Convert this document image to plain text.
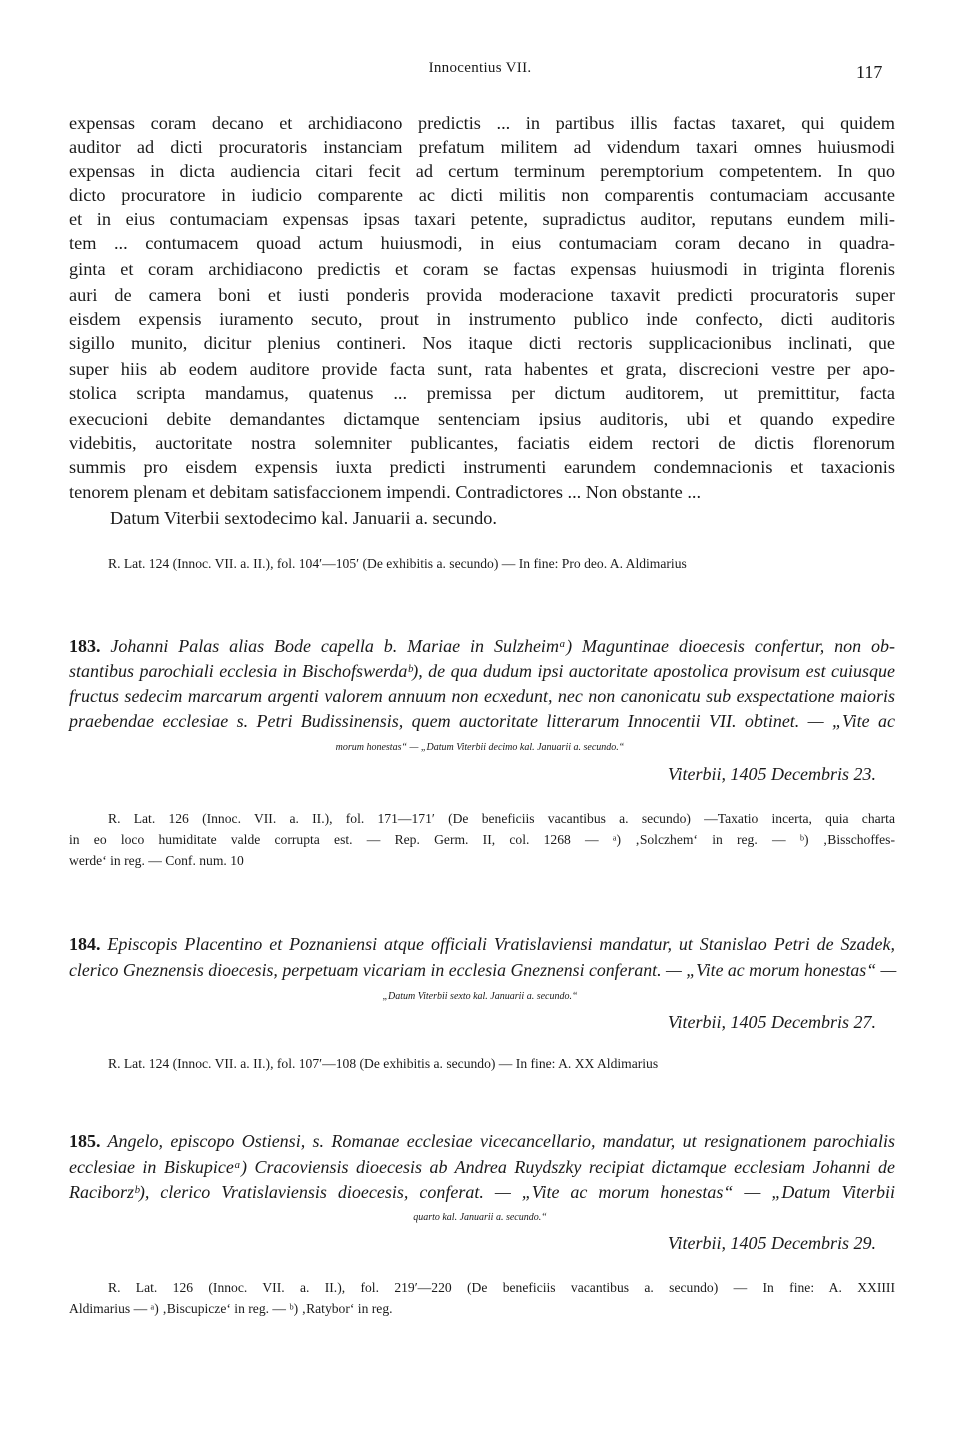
Innocentius VII.	117
expensas coram decano et archidiacono predictis ... in partibus illis factas taxaret, qui quidem
auditor ad dicti procuratoris instanciam prefatum militem ad videndum taxari omnes huiusmodi
expensas in dicta audiencia citari fecit ad certum terminum peremptorium competentem. In quo
dicto procuratore in iudicio comparente ac dicti militis non comparentis contumaciam accusante
et in eius contumaciam expensas ipsas taxari petente, supradictus auditor, reputans eundem mili-
tem ... contumacem quoad actum huiusmodi, in eius contumaciam coram decano in quadra-
ginta et coram archidiacono predictis et coram se factas expensas huiusmodi in triginta florenis
auri de camera boni et iusti ponderis provida moderacione taxavit predicti procuratoris super
eisdem expensis iuramento secuto, prout in instrumento publico inde confecto, dicti auditoris
sigillo munito, dicitur plenius contineri. Nos itaque dicti rectoris supplicacionibus inclinati, que
super hiis ab eodem auditore provide facta sunt, rata habentes et grata, discrecioni vestre per apo-
stolica scripta mandamus, quatenus ... premissa per dictum auditorem, ut premittitur, facta
execucioni debite demandantes dictamque sentenciam ipsius auditoris, ubi et quando expedire
videbitis, auctoritate nostra solemniter publicantes, faciatis eidem rectori de dictis florenorum
summis pro eisdem expensis iuxta predicti instrumenti earundem condemnacionis et taxacionis
tenorem plenam et debitam satisfaccionem impendi. Contradictores ... Non obstante ...
Datum Viterbii sextodecimo kal. Januarii a. secundo.
R. Lat. 124 (Innoc. VII. a. II.), fol. 104′—105′ (De exhibitis a. secundo) — In fine: Pro deo. A. Aldimarius
183. Johanni Palas alias Bode capella b. Mariae in Sulzheimᵃ) Maguntinae dioecesis confertur, non ob-
stantibus parochiali ecclesia in Bischofswerdaᵇ), de qua dudum ipsi auctoritate apostolica provisum est cuiusque
fructus sedecim marcarum argenti valorem annuum non ecxedunt, nec non canonicatu sub exspectatione maioris
praebendae ecclesiae s. Petri Budissinensis, quem auctoritate litterarum Innocentii VII. obtinet. — „Vite ac
morum honestas“ — „Datum Viterbii decimo kal. Januarii a. secundo.“
Viterbii, 1405 Decembris 23.
R. Lat. 126 (Innoc. VII. a. II.), fol. 171—171′ (De beneficiis vacantibus a. secundo) —Taxatio incerta, quia charta
in eo loco humiditate valde corrupta est. — Rep. Germ. II, col. 1268 — ᵃ) ‚Solczhem‘ in reg. — ᵇ) ‚Bisschoffes-
werde‘ in reg. — Conf. num. 10
184. Episcopis Placentino et Poznaniensi atque officiali Vratislaviensi mandatur, ut Stanislao Petri de Szadek,
clerico Gneznensis dioecesis, perpetuam vicariam in ecclesia Gneznensi conferant. — „Vite ac morum honestas“ —
„Datum Viterbii sexto kal. Januarii a. secundo.“
Viterbii, 1405 Decembris 27.
R. Lat. 124 (Innoc. VII. a. II.), fol. 107′—108 (De exhibitis a. secundo) — In fine: A. XX Aldimarius
185. Angelo, episcopo Ostiensi, s. Romanae ecclesiae vicecancellario, mandatur, ut resignationem parochialis
ecclesiae in Biskupiceᵃ) Cracoviensis dioecesis ab Andrea Ruydszky recipiat dictamque ecclesiam Johanni de
Raciborzᵇ), clerico Vratislaviensis dioecesis, conferat. — „Vite ac morum honestas“ — „Datum Viterbii
quarto kal. Januarii a. secundo.“
Viterbii, 1405 Decembris 29.
R. Lat. 126 (Innoc. VII. a. II.), fol. 219′—220 (De beneficiis vacantibus a. secundo) — In fine: A. XXIIII
Aldimarius — ᵃ) ‚Biscupicze‘ in reg. — ᵇ) ‚Ratybor‘ in reg.
